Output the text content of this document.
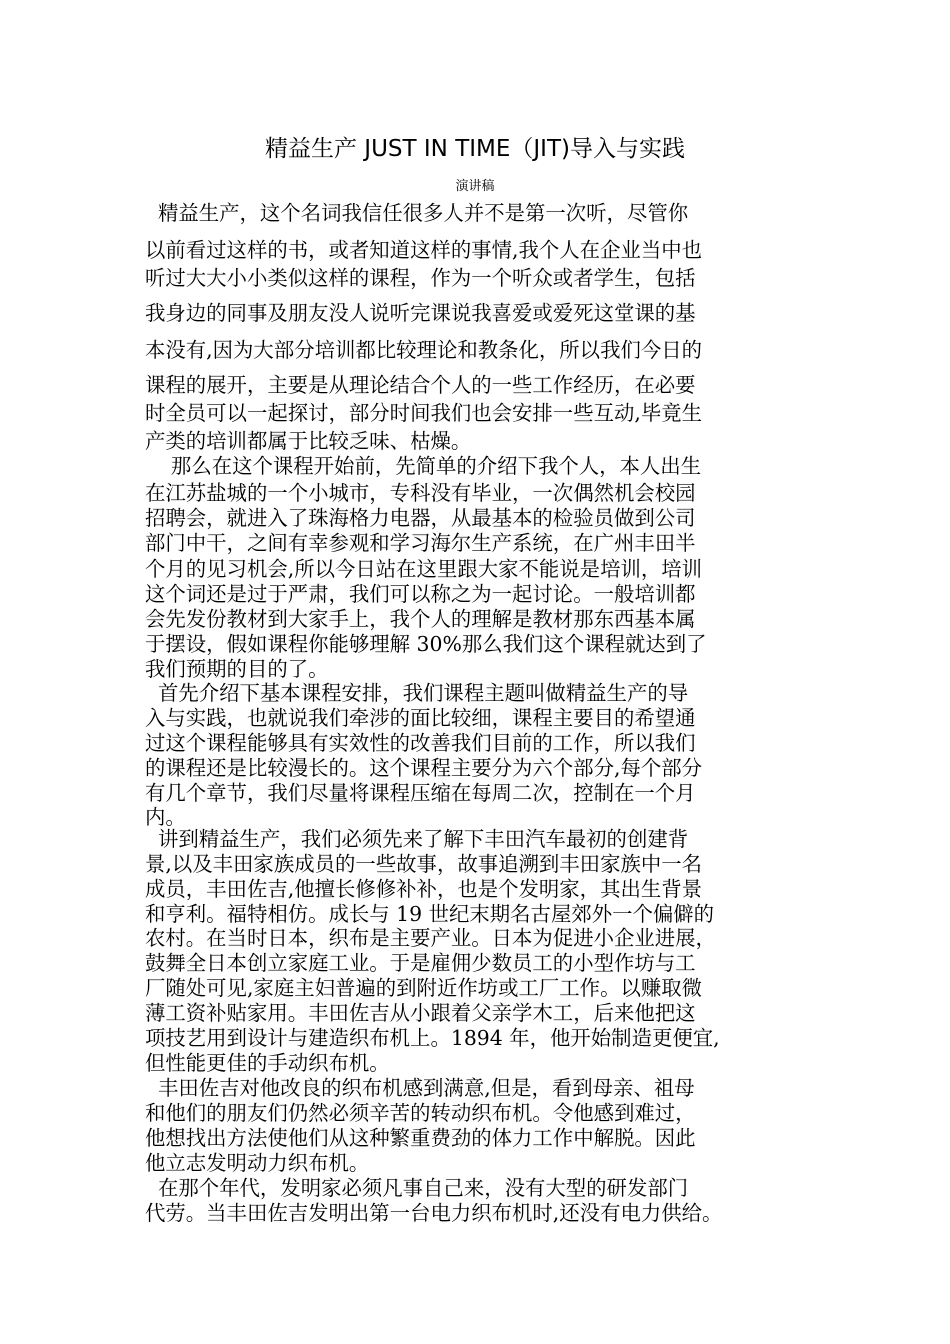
精益生产 JUST IN TIME（JIT)导入与实践
演讲稿
精益生产，这个名词我信任很多人并不是第一次听，尽管你
以前看过这样的书，或者知道这样的事情,我个人在企业当中也
听过大大小小类似这样的课程，作为一个听众或者学生，包括
我身边的同事及朋友没人说听完课说我喜爱或爱死这堂课的基
本没有,因为大部分培训都比较理论和教条化，所以我们今日的
课程的展开，主要是从理论结合个人的一些工作经历，在必要
时全员可以一起探讨，部分时间我们也会安排一些互动,毕竟生
产类的培训都属于比较乏味、枯燥。
那么在这个课程开始前，先简单的介绍下我个人，本人出生
在江苏盐城的一个小城市，专科没有毕业，一次偶然机会校园
招聘会，就进入了珠海格力电器，从最基本的检验员做到公司
部门中干，之间有幸参观和学习海尔生产系统，在广州丰田半
个月的见习机会,所以今日站在这里跟大家不能说是培训，培训
这个词还是过于严肃，我们可以称之为一起讨论。一般培训都
会先发份教材到大家手上，我个人的理解是教材那东西基本属
于摆设，假如课程你能够理解 30%那么我们这个课程就达到了
我们预期的目的了。
首先介绍下基本课程安排，我们课程主题叫做精益生产的导
入与实践，也就说我们牵涉的面比较细，课程主要目的希望通
过这个课程能够具有实效性的改善我们目前的工作，所以我们
的课程还是比较漫长的。这个课程主要分为六个部分,每个部分
有几个章节，我们尽量将课程压缩在每周二次，控制在一个月
内。
讲到精益生产，我们必须先来了解下丰田汽车最初的创建背
景,以及丰田家族成员的一些故事，故事追溯到丰田家族中一名
成员，丰田佐吉,他擅长修修补补，也是个发明家，其出生背景
和亨利。福特相仿。成长与 19 世纪末期名古屋郊外一个偏僻的
农村。在当时日本，织布是主要产业。日本为促进小企业进展，
鼓舞全日本创立家庭工业。于是雇佣少数员工的小型作坊与工
厂随处可见,家庭主妇普遍的到附近作坊或工厂工作。以赚取微
薄工资补贴家用。丰田佐吉从小跟着父亲学木工，后来他把这
项技艺用到设计与建造织布机上。1894 年，他开始制造更便宜,
但性能更佳的手动织布机。
丰田佐吉对他改良的织布机感到满意,但是，看到母亲、祖母
和他们的朋友们仍然必须辛苦的转动织布机。令他感到难过，
他想找出方法使他们从这种繁重费劲的体力工作中解脱。因此
他立志发明动力织布机。
在那个年代，发明家必须凡事自己来，没有大型的研发部门
代劳。当丰田佐吉发明出第一台电力织布机时,还没有电力供给。
